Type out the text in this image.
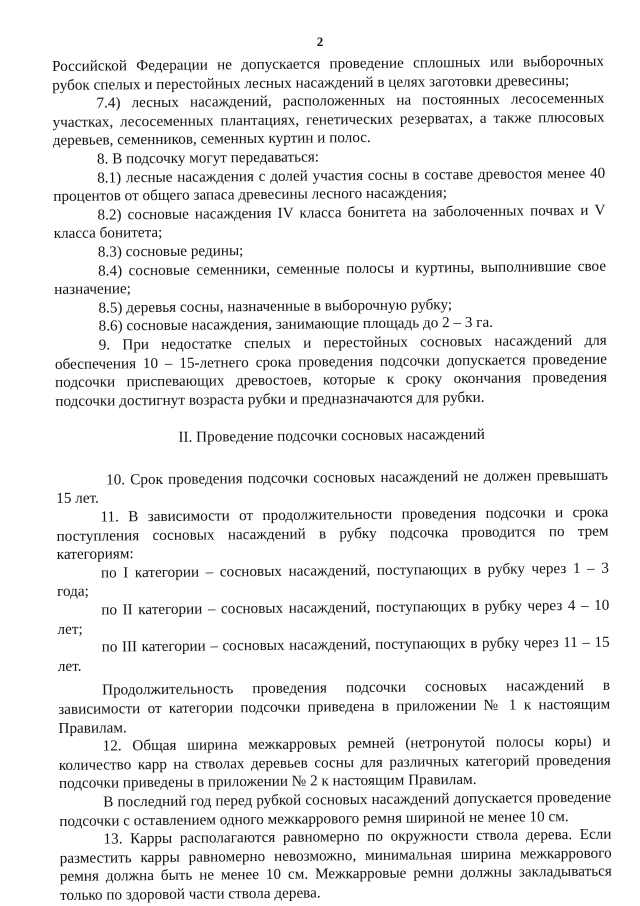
2

Российской Федерации не допускается проведение сплошных или выборочных рубок спелых и перестойных лесных насаждений в целях заготовки древесины;

7.4) лесных насаждений, расположенных на постоянных лесосеменных участках, лесосеменных плантациях, генетических резерватах, а также плюсовых деревьев, семенников, семенных куртин и полос.

8. В подсочку могут передаваться:

8.1) лесные насаждения с долей участия сосны в составе древостоя менее 40 процентов от общего запаса древесины лесного насаждения;

8.2) сосновые насаждения IV класса бонитета на заболоченных почвах и V класса бонитета;

8.3) сосновые редины;

8.4) сосновые семенники, семенные полосы и куртины, выполнившие свое назначение;

8.5) деревья сосны, назначенные в выборочную рубку;

8.6) сосновые насаждения, занимающие площадь до 2 – 3 га.

9. При недостатке спелых и перестойных сосновых насаждений для обеспечения 10 – 15-летнего срока проведения подсочки допускается проведение подсочки приспевающих древостоев, которые к сроку окончания проведения подсочки достигнут возраста рубки и предназначаются для рубки.

II. Проведение подсочки сосновых насаждений

10. Срок проведения подсочки сосновых насаждений не должен превышать 15 лет.

11. В зависимости от продолжительности проведения подсочки и срока поступления сосновых насаждений в рубку подсочка проводится по трем категориям:

по I категории – сосновых насаждений, поступающих в рубку через 1 – 3 года;

по II категории – сосновых насаждений, поступающих в рубку через 4 – 10 лет;

по III категории – сосновых насаждений, поступающих в рубку через 11 – 15 лет.

Продолжительность проведения подсочки сосновых насаждений в зависимости от категории подсочки приведена в приложении № 1 к настоящим Правилам.

12. Общая ширина межкарровых ремней (нетронутой полосы коры) и количество карр на стволах деревьев сосны для различных категорий проведения подсочки приведены в приложении № 2 к настоящим Правилам.

В последний год перед рубкой сосновых насаждений допускается проведение подсочки с оставлением одного межкаррового ремня шириной не менее 10 см.

13. Карры располагаются равномерно по окружности ствола дерева. Если разместить карры равномерно невозможно, минимальная ширина межкаррового ремня должна быть не менее 10 см. Межкарровые ремни должны закладываться только по здоровой части ствола дерева.
